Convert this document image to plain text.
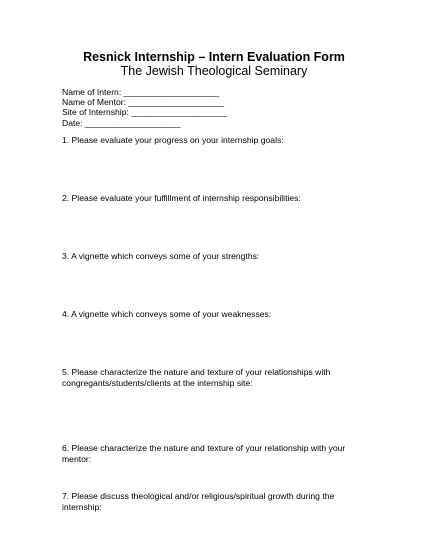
Resnick Internship – Intern Evaluation Form
The Jewish Theological Seminary
Name of Intern: ____________________
Name of Mentor: ____________________
Site of Internship: ____________________
Date: ____________________
1. Please evaluate your progress on your internship goals:
2. Please evaluate your fulfillment of internship responsibilities:
3. A vignette which conveys some of your strengths:
4. A vignette which conveys some of your weaknesses:
5. Please characterize the nature and texture of your relationships with
congregants/students/clients at the internship site:
6. Please characterize the nature and texture of your relationship with your
mentor:
7. Please discuss theological and/or religious/spiritual growth during the
internship:
